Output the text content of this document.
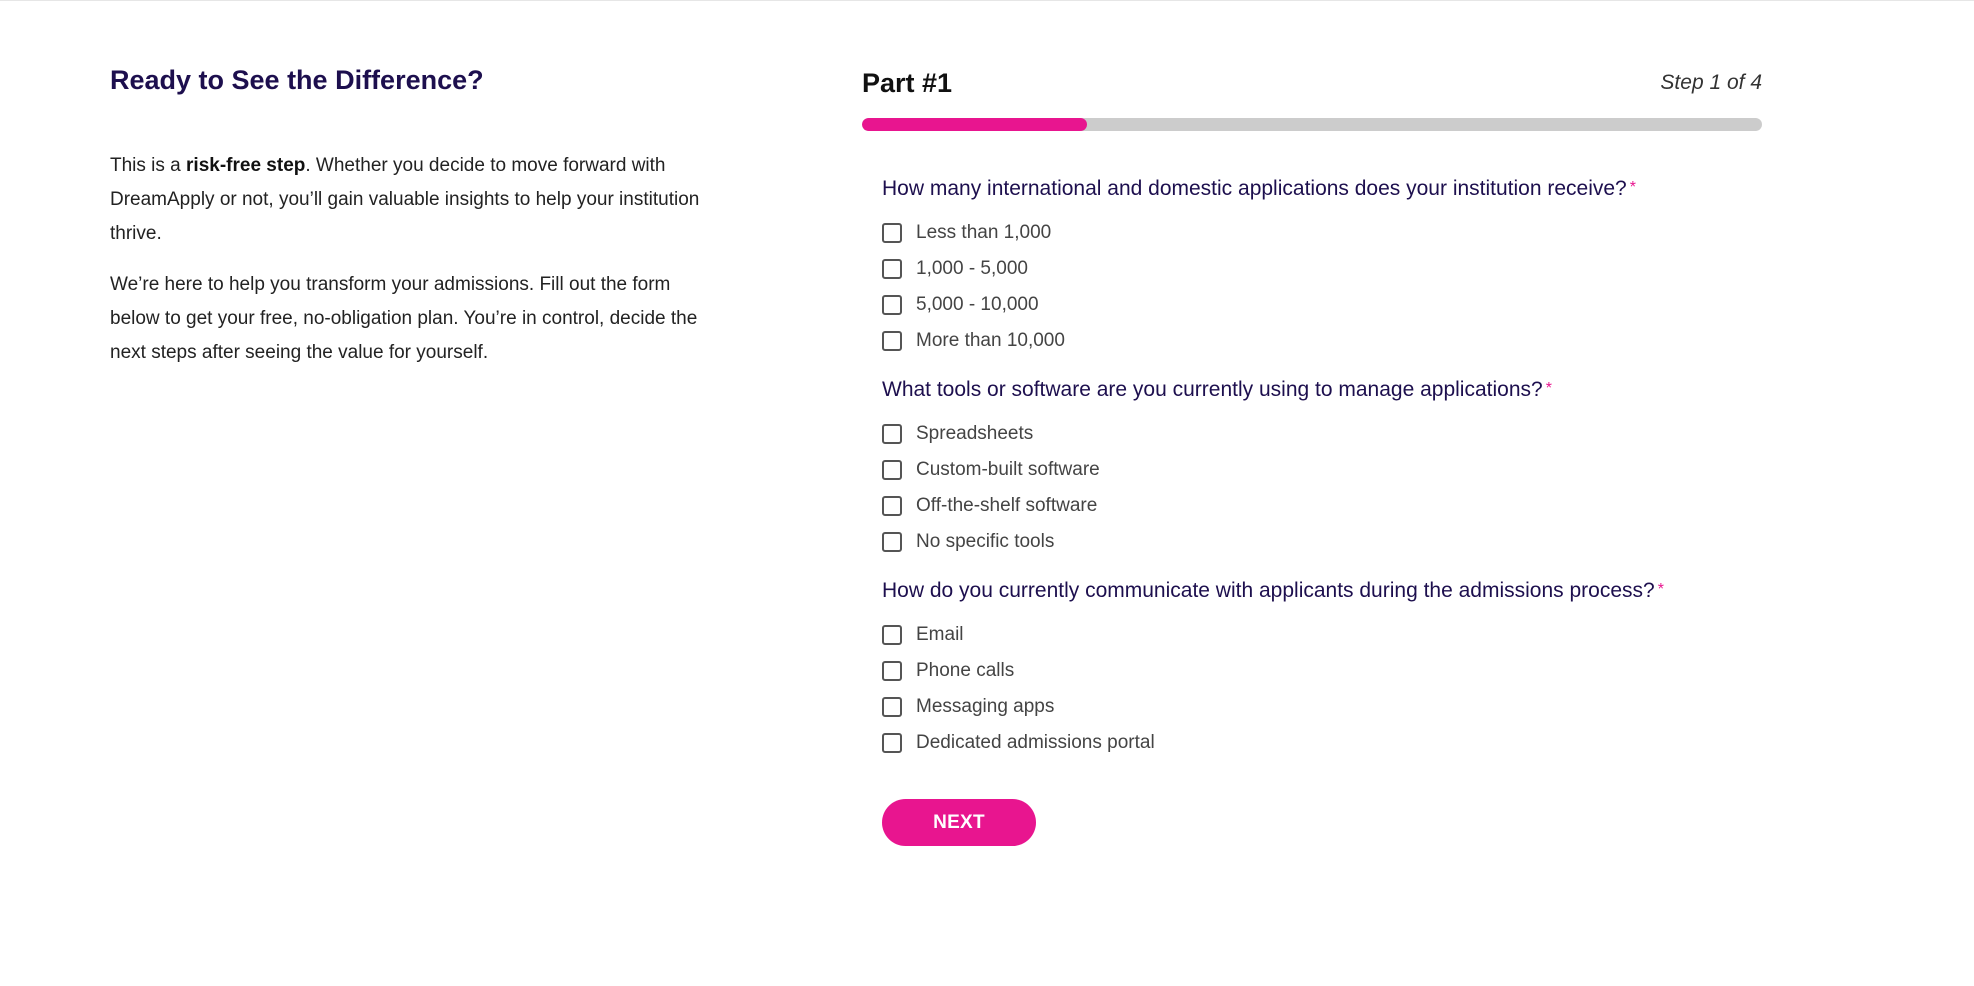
Ready to See the Difference?

This is a risk-free step. Whether you decide to move forward with DreamApply or not, you’ll gain valuable insights to help your institution thrive.

We’re here to help you transform your admissions. Fill out the form below to get your free, no-obligation plan. You’re in control, decide the next steps after seeing the value for yourself.

Part #1	Step 1 of 4
How many international and domestic applications does your institution receive? *
Less than 1,000
1,000 - 5,000
5,000 - 10,000
More than 10,000
What tools or software are you currently using to manage applications? *
Spreadsheets
Custom-built software
Off-the-shelf software
No specific tools
How do you currently communicate with applicants during the admissions process? *
Email
Phone calls
Messaging apps
Dedicated admissions portal
NEXT
